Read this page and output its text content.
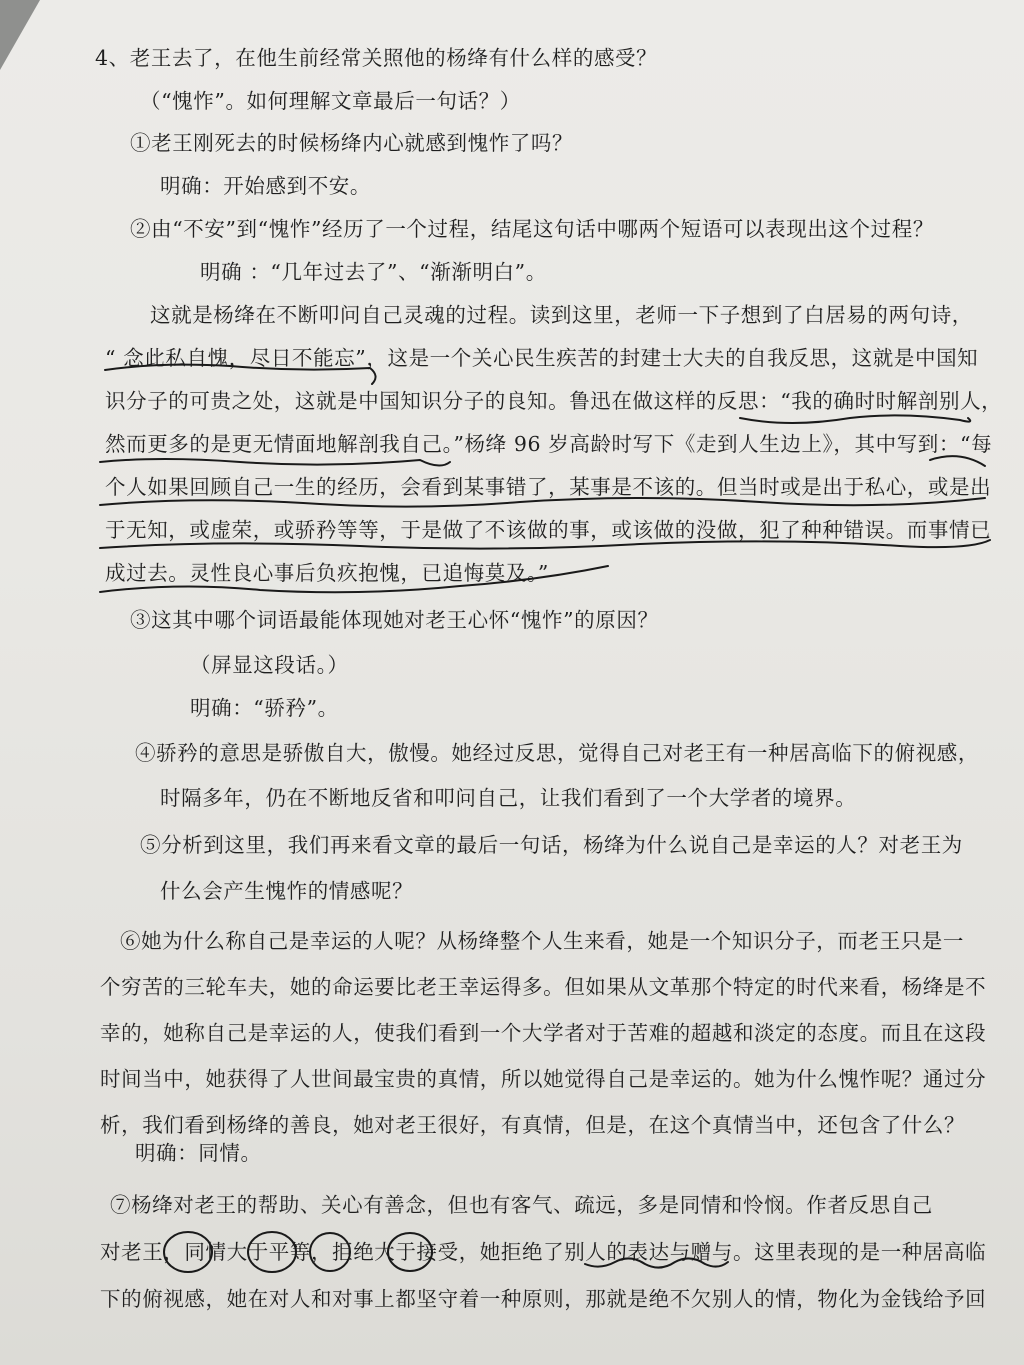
4、老王去了，在他生前经常关照他的杨绛有什么样的感受？
（“愧怍”。如何理解文章最后一句话？）
①老王刚死去的时候杨绛内心就感到愧怍了吗？
明确：开始感到不安。
②由“不安”到“愧怍”经历了一个过程，结尾这句话中哪两个短语可以表现出这个过程？
明确 ：“几年过去了”、“渐渐明白”。
这就是杨绛在不断叩问自己灵魂的过程。读到这里，老师一下子想到了白居易的两句诗，
“ 念此私自愧，尽日不能忘”，这是一个关心民生疾苦的封建士大夫的自我反思，这就是中国知
识分子的可贵之处，这就是中国知识分子的良知。鲁迅在做这样的反思：“我的确时时解剖别人，
然而更多的是更无情面地解剖我自己。”杨绛 96 岁高龄时写下《走到人生边上》，其中写到：“每
个人如果回顾自己一生的经历，会看到某事错了，某事是不该的。但当时或是出于私心，或是出
于无知，或虚荣，或骄矜等等，于是做了不该做的事，或该做的没做，犯了种种错误。而事情已
成过去。灵性良心事后负疚抱愧，已追悔莫及。”
③这其中哪个词语最能体现她对老王心怀“愧怍”的原因？
（屏显这段话。）
明确：“骄矜”。
④骄矜的意思是骄傲自大，傲慢。她经过反思，觉得自己对老王有一种居高临下的俯视感，
时隔多年，仍在不断地反省和叩问自己，让我们看到了一个大学者的境界。
⑤分析到这里，我们再来看文章的最后一句话，杨绛为什么说自己是幸运的人？对老王为
什么会产生愧怍的情感呢？
⑥她为什么称自己是幸运的人呢？从杨绛整个人生来看，她是一个知识分子，而老王只是一
个穷苦的三轮车夫，她的命运要比老王幸运得多。但如果从文革那个特定的时代来看，杨绛是不
幸的，她称自己是幸运的人，使我们看到一个大学者对于苦难的超越和淡定的态度。而且在这段
时间当中，她获得了人世间最宝贵的真情，所以她觉得自己是幸运的。她为什么愧怍呢？通过分
析，我们看到杨绛的善良，她对老王很好，有真情，但是，在这个真情当中，还包含了什么？
明确：同情。
⑦杨绛对老王的帮助、关心有善念，但也有客气、疏远，多是同情和怜悯。作者反思自己
对老王，同情大于平等，拒绝大于接受，她拒绝了别人的表达与赠与。这里表现的是一种居高临
下的俯视感，她在对人和对事上都坚守着一种原则，那就是绝不欠别人的情，物化为金钱给予回
